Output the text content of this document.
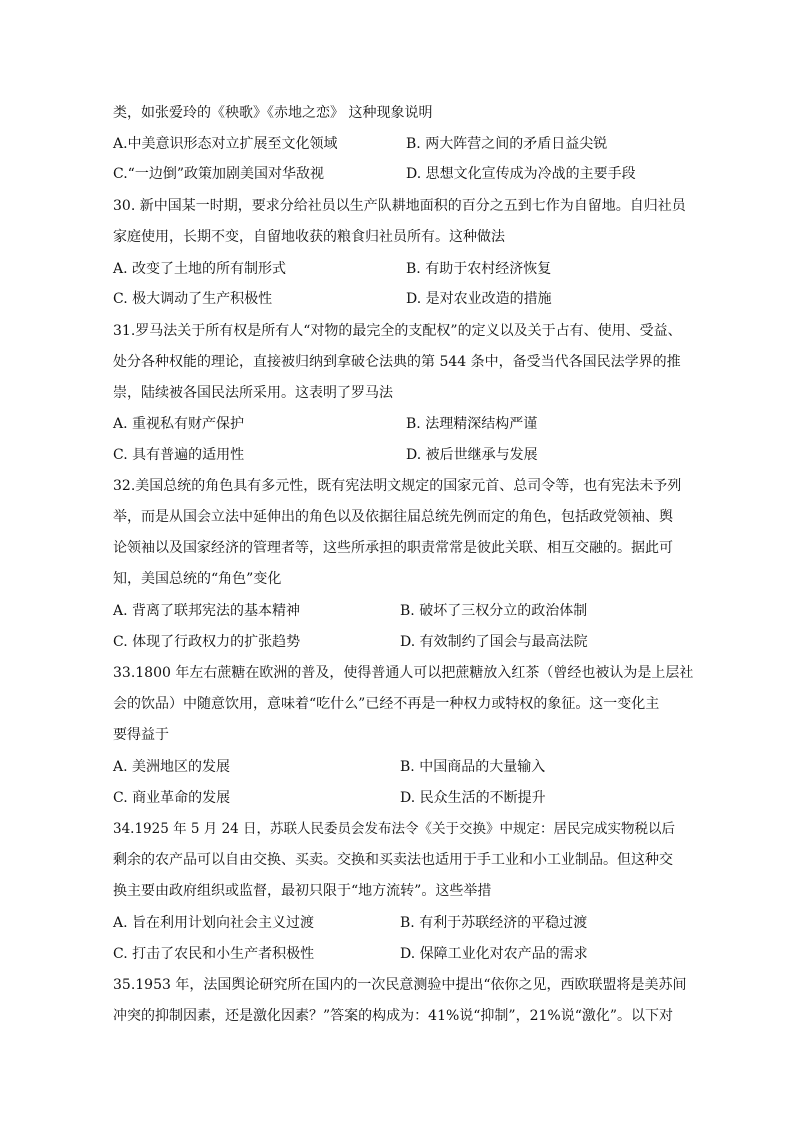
类，如张爱玲的《秧歌》《赤地之恋》 这种现象说明
A.中美意识形态对立扩展至文化领域	B. 两大阵营之间的矛盾日益尖锐
C.“一边倒”政策加剧美国对华敌视	D. 思想文化宣传成为冷战的主要手段
30. 新中国某一时期，要求分给社员以生产队耕地面积的百分之五到七作为自留地。自归社员
家庭使用，长期不变，自留地收获的粮食归社员所有。这种做法
A. 改变了土地的所有制形式	B. 有助于农村经济恢复
C. 极大调动了生产积极性	D. 是对农业改造的措施
31.罗马法关于所有权是所有人“对物的最完全的支配权”的定义以及关于占有、使用、受益、
处分各种权能的理论，直接被归纳到拿破仑法典的第 544 条中，备受当代各国民法学界的推
崇，陆续被各国民法所采用。这表明了罗马法
A. 重视私有财产保护	B. 法理精深结构严谨
C. 具有普遍的适用性	D. 被后世继承与发展
32.美国总统的角色具有多元性，既有宪法明文规定的国家元首、总司令等，也有宪法未予列
举，而是从国会立法中延伸出的角色以及依据往届总统先例而定的角色，包括政党领袖、舆
论领袖以及国家经济的管理者等，这些所承担的职责常常是彼此关联、相互交融的。据此可
知，美国总统的“角色”变化
A. 背离了联邦宪法的基本精神	B. 破坏了三权分立的政治体制
C. 体现了行政权力的扩张趋势	D. 有效制约了国会与最高法院
33.1800 年左右蔗糖在欧洲的普及，使得普通人可以把蔗糖放入红茶（曾经也被认为是上层社
会的饮品）中随意饮用，意味着“吃什么”已经不再是一种权力或特权的象征。这一变化主
要得益于
A. 美洲地区的发展	B. 中国商品的大量输入
C. 商业革命的发展	D. 民众生活的不断提升
34.1925 年 5 月 24 日，苏联人民委员会发布法令《关于交换》中规定：居民完成实物税以后
剩余的农产品可以自由交换、买卖。交换和买卖法也适用于手工业和小工业制品。但这种交
换主要由政府组织或监督，最初只限于“地方流转”。这些举措
A. 旨在利用计划向社会主义过渡	B. 有利于苏联经济的平稳过渡
C. 打击了农民和小生产者积极性	D. 保障工业化对农产品的需求
35.1953 年，法国舆论研究所在国内的一次民意测验中提出“依你之见，西欧联盟将是美苏间
冲突的抑制因素，还是激化因素？”答案的构成为：41%说“抑制”，21%说“激化”。以下对
